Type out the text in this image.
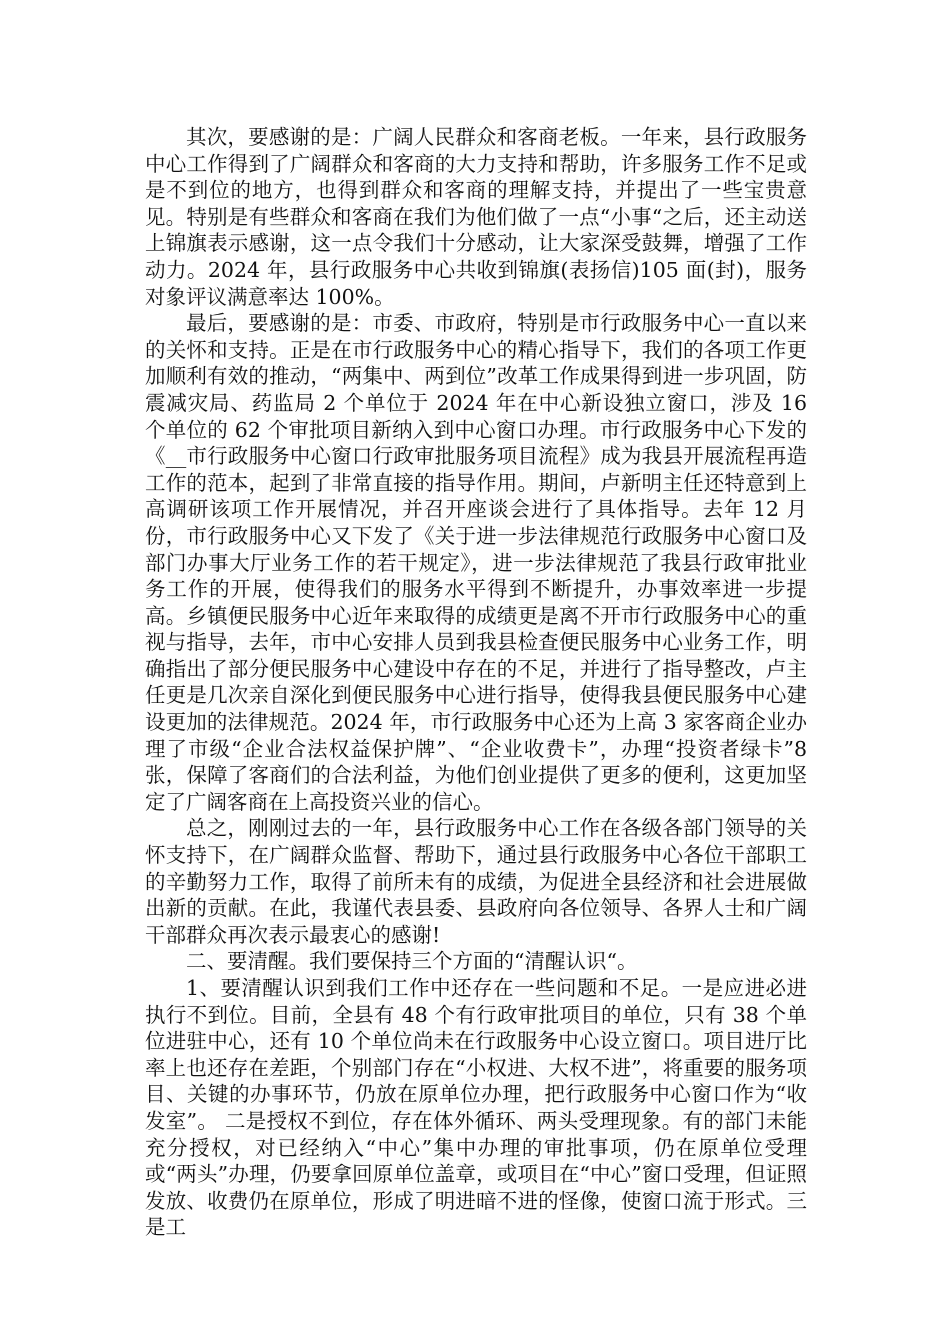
其次，要感谢的是：广阔人民群众和客商老板。一年来，县行政服务中心工作得到了广阔群众和客商的大力支持和帮助，许多服务工作不足或是不到位的地方，也得到群众和客商的理解支持，并提出了一些宝贵意见。特别是有些群众和客商在我们为他们做了一点“小事“之后，还主动送上锦旗表示感谢，这一点令我们十分感动，让大家深受鼓舞，增强了工作动力。2024 年，县行政服务中心共收到锦旗(表扬信)105 面(封)，服务对象评议满意率达 100%。

最后，要感谢的是：市委、市政府，特别是市行政服务中心一直以来的关怀和支持。正是在市行政服务中心的精心指导下，我们的各项工作更加顺利有效的推动，“两集中、两到位”改革工作成果得到进一步巩固，防震减灾局、药监局 2 个单位于 2024 年在中心新设独立窗口，涉及 16 个单位的 62 个审批项目新纳入到中心窗口办理。市行政服务中心下发的《__市行政服务中心窗口行政审批服务项目流程》成为我县开展流程再造工作的范本，起到了非常直接的指导作用。期间，卢新明主任还特意到上高调研该项工作开展情况，并召开座谈会进行了具体指导。去年 12 月份，市行政服务中心又下发了《关于进一步法律规范行政服务中心窗口及部门办事大厅业务工作的若干规定》，进一步法律规范了我县行政审批业务工作的开展，使得我们的服务水平得到不断提升，办事效率进一步提高。乡镇便民服务中心近年来取得的成绩更是离不开市行政服务中心的重视与指导，去年，市中心安排人员到我县检查便民服务中心业务工作，明确指出了部分便民服务中心建设中存在的不足，并进行了指导整改，卢主任更是几次亲自深化到便民服务中心进行指导，使得我县便民服务中心建设更加的法律规范。2024 年，市行政服务中心还为上高 3 家客商企业办理了市级“企业合法权益保护牌”、“企业收费卡”，办理“投资者绿卡”8 张，保障了客商们的合法利益，为他们创业提供了更多的便利，这更加坚定了广阔客商在上高投资兴业的信心。

总之，刚刚过去的一年，县行政服务中心工作在各级各部门领导的关怀支持下，在广阔群众监督、帮助下，通过县行政服务中心各位干部职工的辛勤努力工作，取得了前所未有的成绩，为促进全县经济和社会进展做出新的贡献。在此，我谨代表县委、县政府向各位领导、各界人士和广阔干部群众再次表示最衷心的感谢!

二、要清醒。我们要保持三个方面的“清醒认识“。

1、要清醒认识到我们工作中还存在一些问题和不足。一是应进必进执行不到位。目前，全县有 48 个有行政审批项目的单位，只有 38 个单位进驻中心，还有 10 个单位尚未在行政服务中心设立窗口。项目进厅比率上也还存在差距，个别部门存在“小权进、大权不进”，将重要的服务项目、关键的办事环节，仍放在原单位办理，把行政服务中心窗口作为“收发室”。 二是授权不到位，存在体外循环、两头受理现象。有的部门未能充分授权，对已经纳入“中心”集中办理的审批事项，仍在原单位受理或“两头”办理，仍要拿回原单位盖章，或项目在“中心”窗口受理，但证照发放、收费仍在原单位，形成了明进暗不进的怪像，使窗口流于形式。三是工
